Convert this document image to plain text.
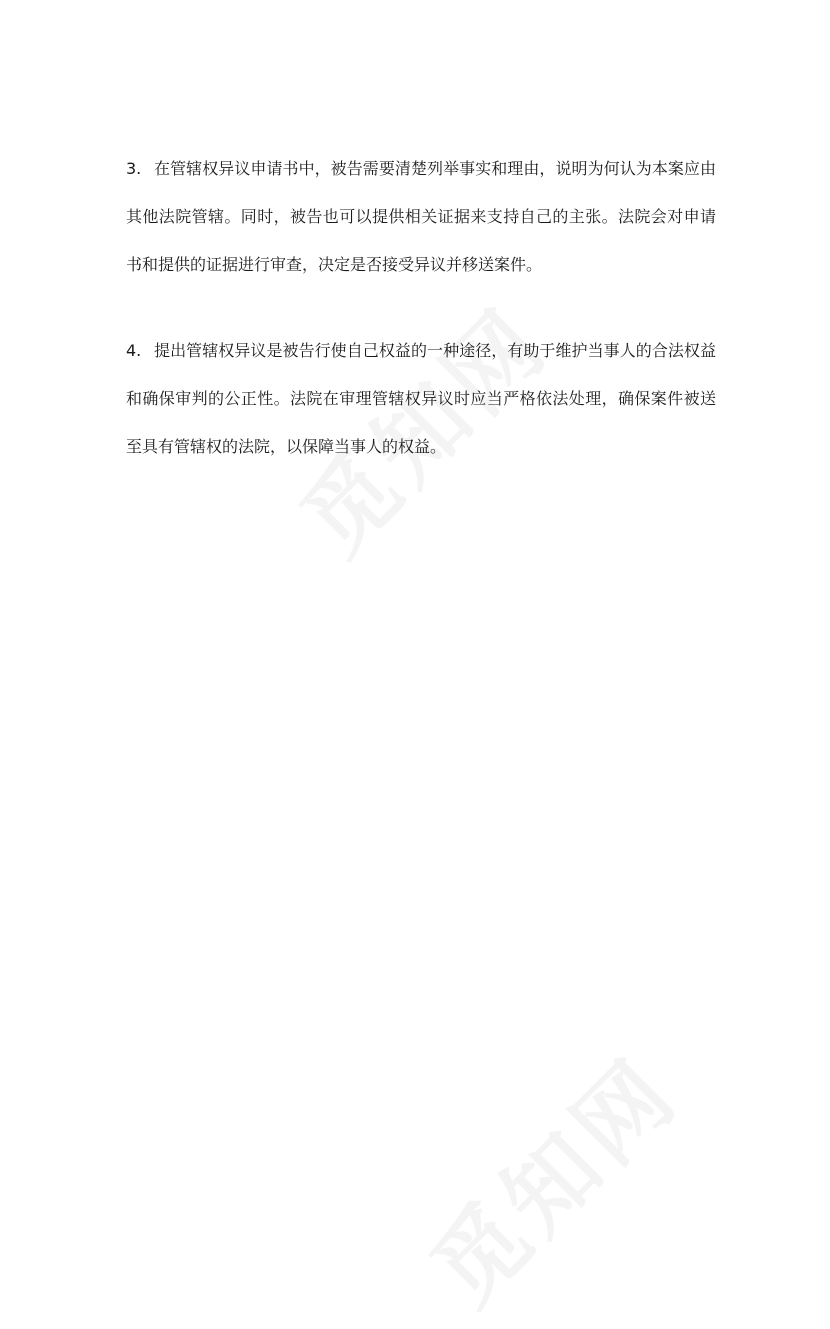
3. 在管辖权异议申请书中，被告需要清楚列举事实和理由，说明为何认为本案应由其他法院管辖。同时，被告也可以提供相关证据来支持自己的主张。法院会对申请书和提供的证据进行审查，决定是否接受异议并移送案件。

4. 提出管辖权异议是被告行使自己权益的一种途径，有助于维护当事人的合法权益和确保审判的公正性。法院在审理管辖权异议时应当严格依法处理，确保案件被送至具有管辖权的法院，以保障当事人的权益。
